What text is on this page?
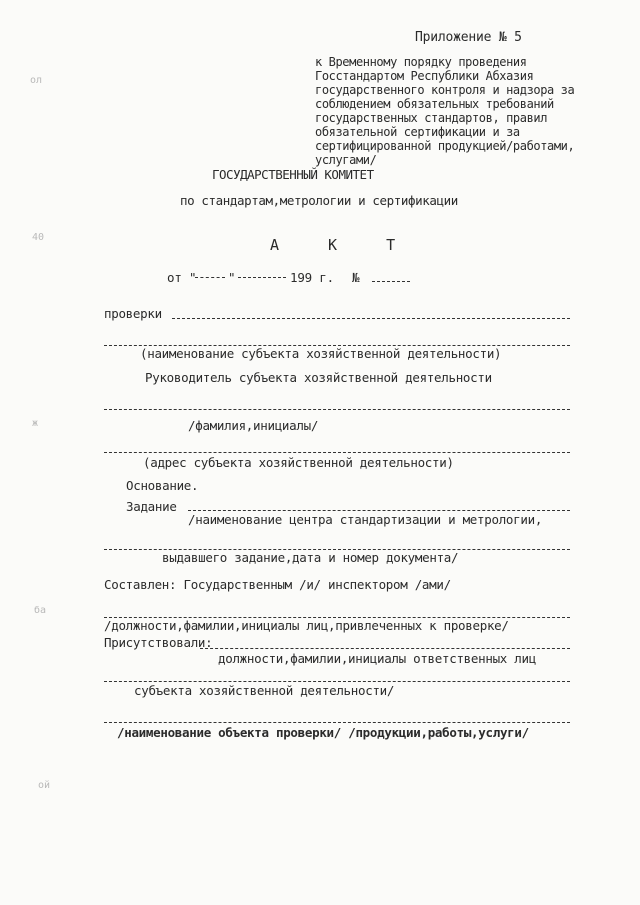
ол
40
ж
ба
ой
Приложение № 5
к Временному порядку проведения Госстандартом Республики Абхазия государственного контроля и надзора за соблюдением обязательных требований государственных стандартов, правил обязательной сертификации и за сертифицированной продукцией/работами, услугами/
ГОСУДАРСТВЕННЫЙ КОМИТЕТ
по стандартам,метрологии и сертификации
А К Т
от "	"	199 г. №
проверки
(наименование субъекта хозяйственной деятельности)
Руководитель субъекта хозяйственной деятельности
/фамилия,инициалы/
(адрес субъекта хозяйственной деятельности)
Основание.
Задание
/наименование центра стандартизации и метрологии,
выдавшего задание,дата и номер документа/
Составлен: Государственным /и/ инспектором /ами/
/должности,фамилии,инициалы лиц,привлеченных к проверке/
Присутствовали:
должности,фамилии,инициалы ответственных лиц
субъекта хозяйственной деятельности/
/наименование объекта проверки/ /продукции,работы,услуги/
